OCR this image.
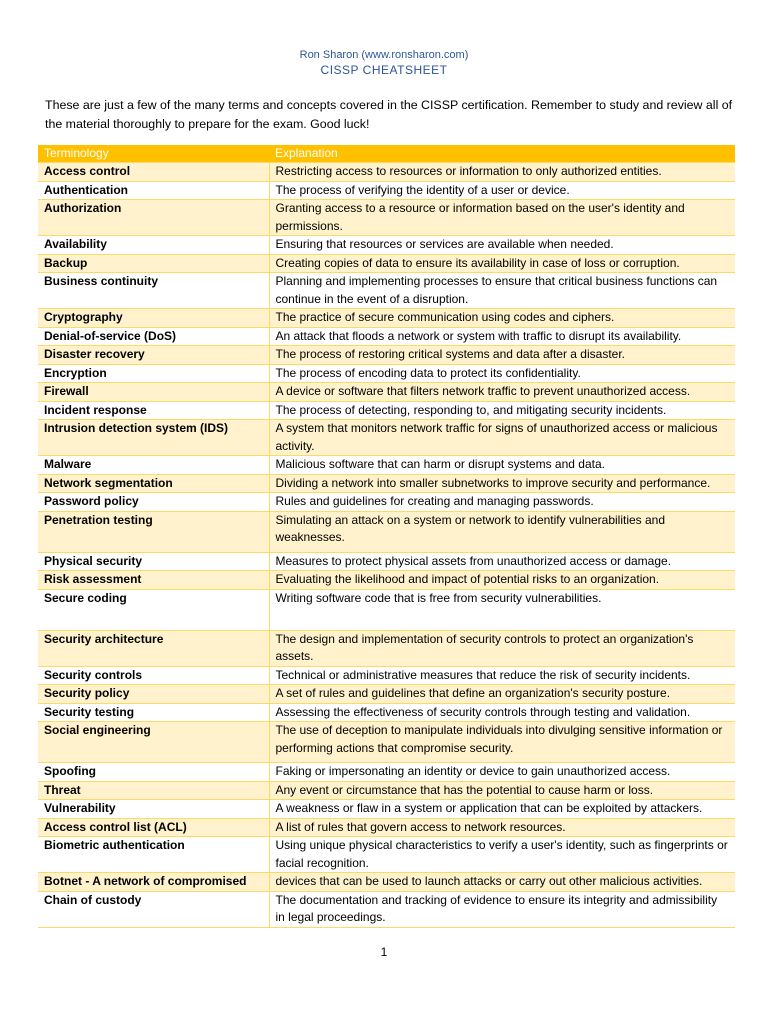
Ron Sharon (www.ronsharon.com)
CISSP CHEATSHEET
These are just a few of the many terms and concepts covered in the CISSP certification. Remember to study and review all of the material thoroughly to prepare for the exam. Good luck!
Terminology	Explanation
Access control	Restricting access to resources or information to only authorized entities.
Authentication	The process of verifying the identity of a user or device.
Authorization	Granting access to a resource or information based on the user's identity and permissions.
Availability	Ensuring that resources or services are available when needed.
Backup	Creating copies of data to ensure its availability in case of loss or corruption.
Business continuity	Planning and implementing processes to ensure that critical business functions can continue in the event of a disruption.
Cryptography	The practice of secure communication using codes and ciphers.
Denial-of-service (DoS)	An attack that floods a network or system with traffic to disrupt its availability.
Disaster recovery	The process of restoring critical systems and data after a disaster.
Encryption	The process of encoding data to protect its confidentiality.
Firewall	A device or software that filters network traffic to prevent unauthorized access.
Incident response	The process of detecting, responding to, and mitigating security incidents.
Intrusion detection system (IDS)	A system that monitors network traffic for signs of unauthorized access or malicious activity.
Malware	Malicious software that can harm or disrupt systems and data.
Network segmentation	Dividing a network into smaller subnetworks to improve security and performance.
Password policy	Rules and guidelines for creating and managing passwords.
Penetration testing	Simulating an attack on a system or network to identify vulnerabilities and weaknesses.
Physical security	Measures to protect physical assets from unauthorized access or damage.
Risk assessment	Evaluating the likelihood and impact of potential risks to an organization.
Secure coding	Writing software code that is free from security vulnerabilities.
Security architecture	The design and implementation of security controls to protect an organization's assets.
Security controls	Technical or administrative measures that reduce the risk of security incidents.
Security policy	A set of rules and guidelines that define an organization's security posture.
Security testing	Assessing the effectiveness of security controls through testing and validation.
Social engineering	The use of deception to manipulate individuals into divulging sensitive information or performing actions that compromise security.
Spoofing	Faking or impersonating an identity or device to gain unauthorized access.
Threat	Any event or circumstance that has the potential to cause harm or loss.
Vulnerability	A weakness or flaw in a system or application that can be exploited by attackers.
Access control list (ACL)	A list of rules that govern access to network resources.
Biometric authentication	Using unique physical characteristics to verify a user's identity, such as fingerprints or facial recognition.
Botnet - A network of compromised	devices that can be used to launch attacks or carry out other malicious activities.
Chain of custody	The documentation and tracking of evidence to ensure its integrity and admissibility in legal proceedings.
1
